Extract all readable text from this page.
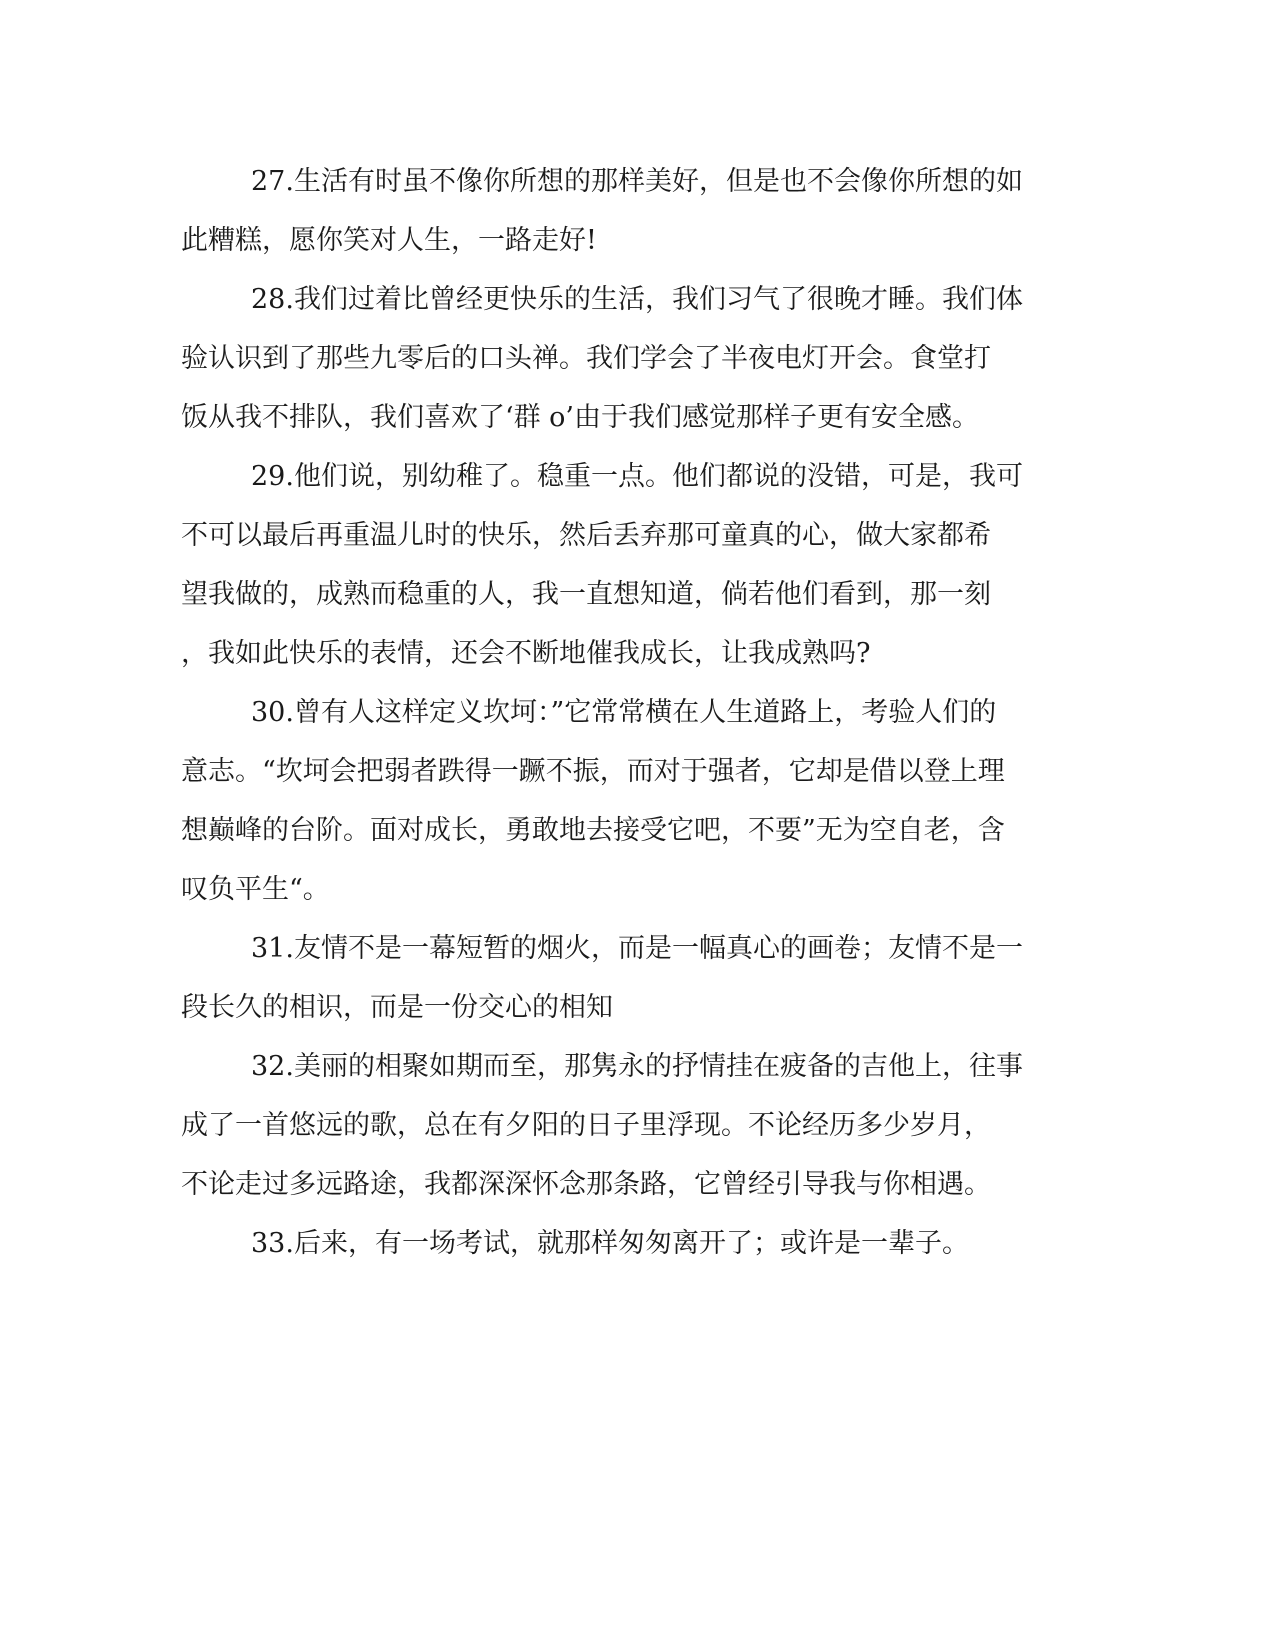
27.生活有时虽不像你所想的那样美好，但是也不会像你所想的如
此糟糕，愿你笑对人生，一路走好!
28.我们过着比曾经更快乐的生活，我们习气了很晚才睡。我们体
验认识到了那些九零后的口头禅。我们学会了半夜电灯开会。食堂打
饭从我不排队，我们喜欢了‘群 o’由于我们感觉那样子更有安全感。
29.他们说，别幼稚了。稳重一点。他们都说的没错，可是，我可
不可以最后再重温儿时的快乐，然后丢弃那可童真的心，做大家都希
望我做的，成熟而稳重的人，我一直想知道，倘若他们看到，那一刻
，我如此快乐的表情，还会不断地催我成长，让我成熟吗?
30.曾有人这样定义坎坷：”它常常横在人生道路上，考验人们的
意志。“坎坷会把弱者跌得一蹶不振，而对于强者，它却是借以登上理
想巅峰的台阶。面对成长，勇敢地去接受它吧，不要”无为空自老，含
叹负平生“。
31.友情不是一幕短暂的烟火，而是一幅真心的画卷；友情不是一
段长久的相识，而是一份交心的相知
32.美丽的相聚如期而至，那隽永的抒情挂在疲备的吉他上，往事
成了一首悠远的歌，总在有夕阳的日子里浮现。不论经历多少岁月，
不论走过多远路途，我都深深怀念那条路，它曾经引导我与你相遇。
33.后来，有一场考试，就那样匆匆离开了；或许是一辈子。
